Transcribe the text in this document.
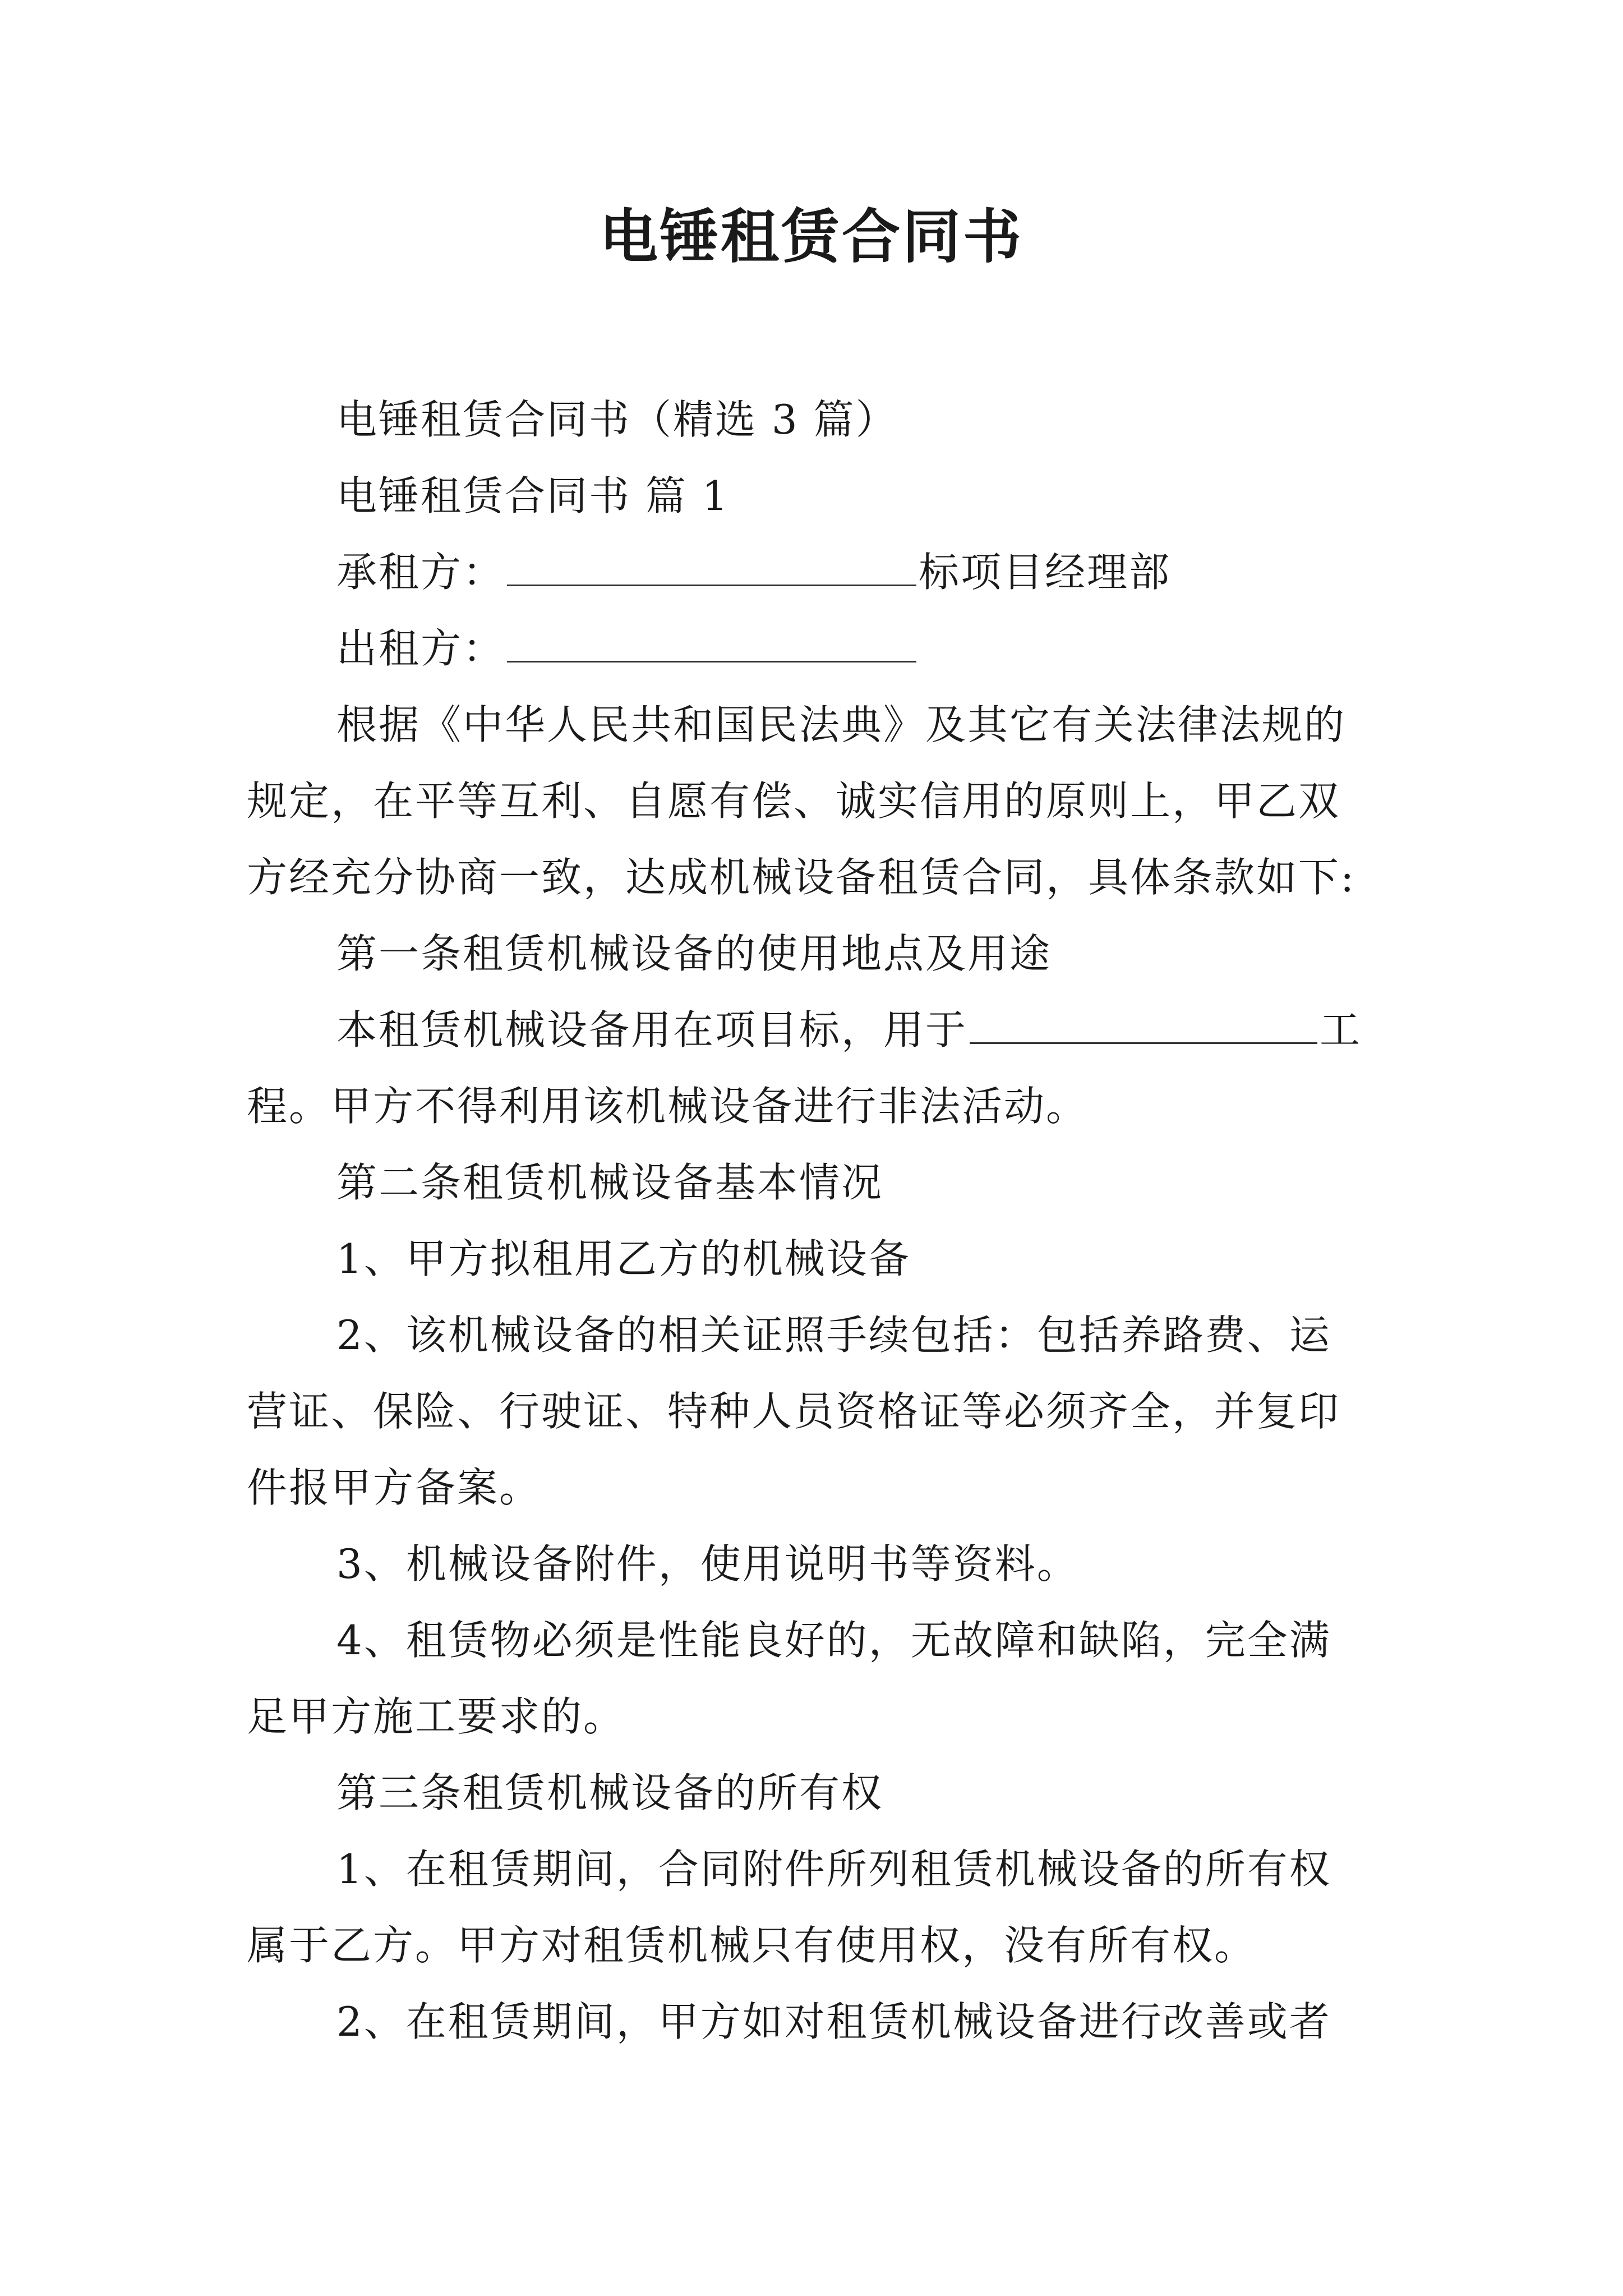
电锤租赁合同书
电锤租赁合同书（精选 3 篇）
电锤租赁合同书 篇 1
承租方：	标项目经理部
出租方：
根据《中华人民共和国民法典》及其它有关法律法规的
规定，在平等互利、自愿有偿、诚实信用的原则上，甲乙双
方经充分协商一致，达成机械设备租赁合同，具体条款如下:
第一条租赁机械设备的使用地点及用途
本租赁机械设备用在项目标，用于	工
程。甲方不得利用该机械设备进行非法活动。
第二条租赁机械设备基本情况
1、甲方拟租用乙方的机械设备
2、该机械设备的相关证照手续包括：包括养路费、运
营证、保险、行驶证、特种人员资格证等必须齐全，并复印
件报甲方备案。
3、机械设备附件，使用说明书等资料。
4、租赁物必须是性能良好的，无故障和缺陷，完全满
足甲方施工要求的。
第三条租赁机械设备的所有权
1、在租赁期间，合同附件所列租赁机械设备的所有权
属于乙方。甲方对租赁机械只有使用权，没有所有权。
2、在租赁期间，甲方如对租赁机械设备进行改善或者
